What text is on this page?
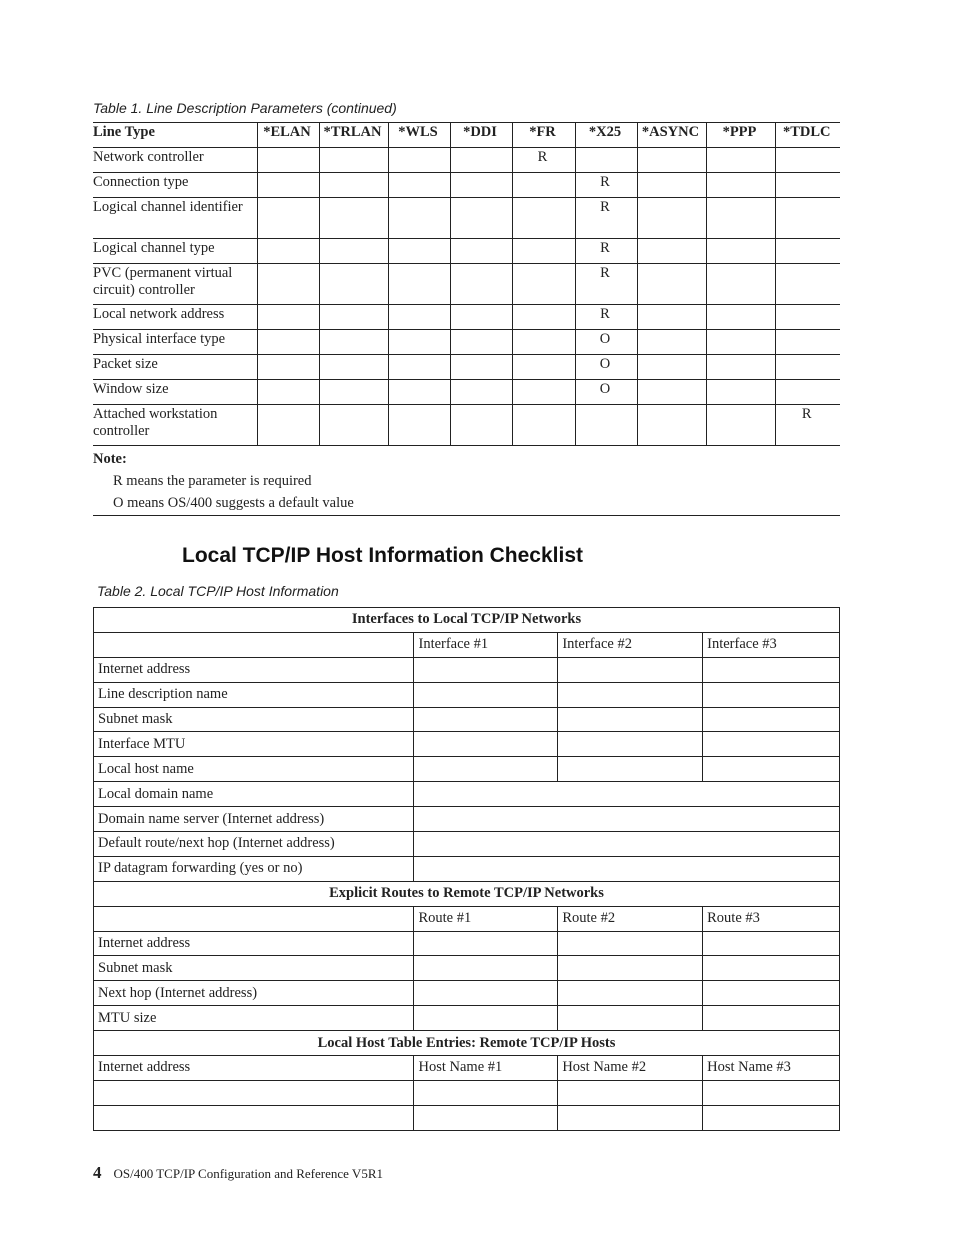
Table 1. Line Description Parameters (continued)
Line Type	*ELAN	*TRLAN	*WLS	*DDI	*FR	*X25	*ASYNC	*PPP	*TDLC
Network controller					R				
Connection type						R			
Logical channel identifier						R			
Logical channel type						R			
PVC (permanent virtual circuit) controller						R			
Local network address						R			
Physical interface type						O			
Packet size						O			
Window size						O			
Attached workstation controller									R
Note:
R means the parameter is required
O means OS/400 suggests a default value
Local TCP/IP Host Information Checklist
Table 2. Local TCP/IP Host Information
Interfaces to Local TCP/IP Networks			
	Interface #1	Interface #2	Interface #3
Internet address			
Line description name			
Subnet mask			
Interface MTU			
Local host name			
Local domain name			
Domain name server (Internet address)			
Default route/next hop (Internet address)			
IP datagram forwarding (yes or no)			
Explicit Routes to Remote TCP/IP Networks			
	Route #1	Route #2	Route #3
Internet address			
Subnet mask			
Next hop (Internet address)			
MTU size			
Local Host Table Entries: Remote TCP/IP Hosts			
Internet address	Host Name #1	Host Name #2	Host Name #3

4 OS/400 TCP/IP Configuration and Reference V5R1
